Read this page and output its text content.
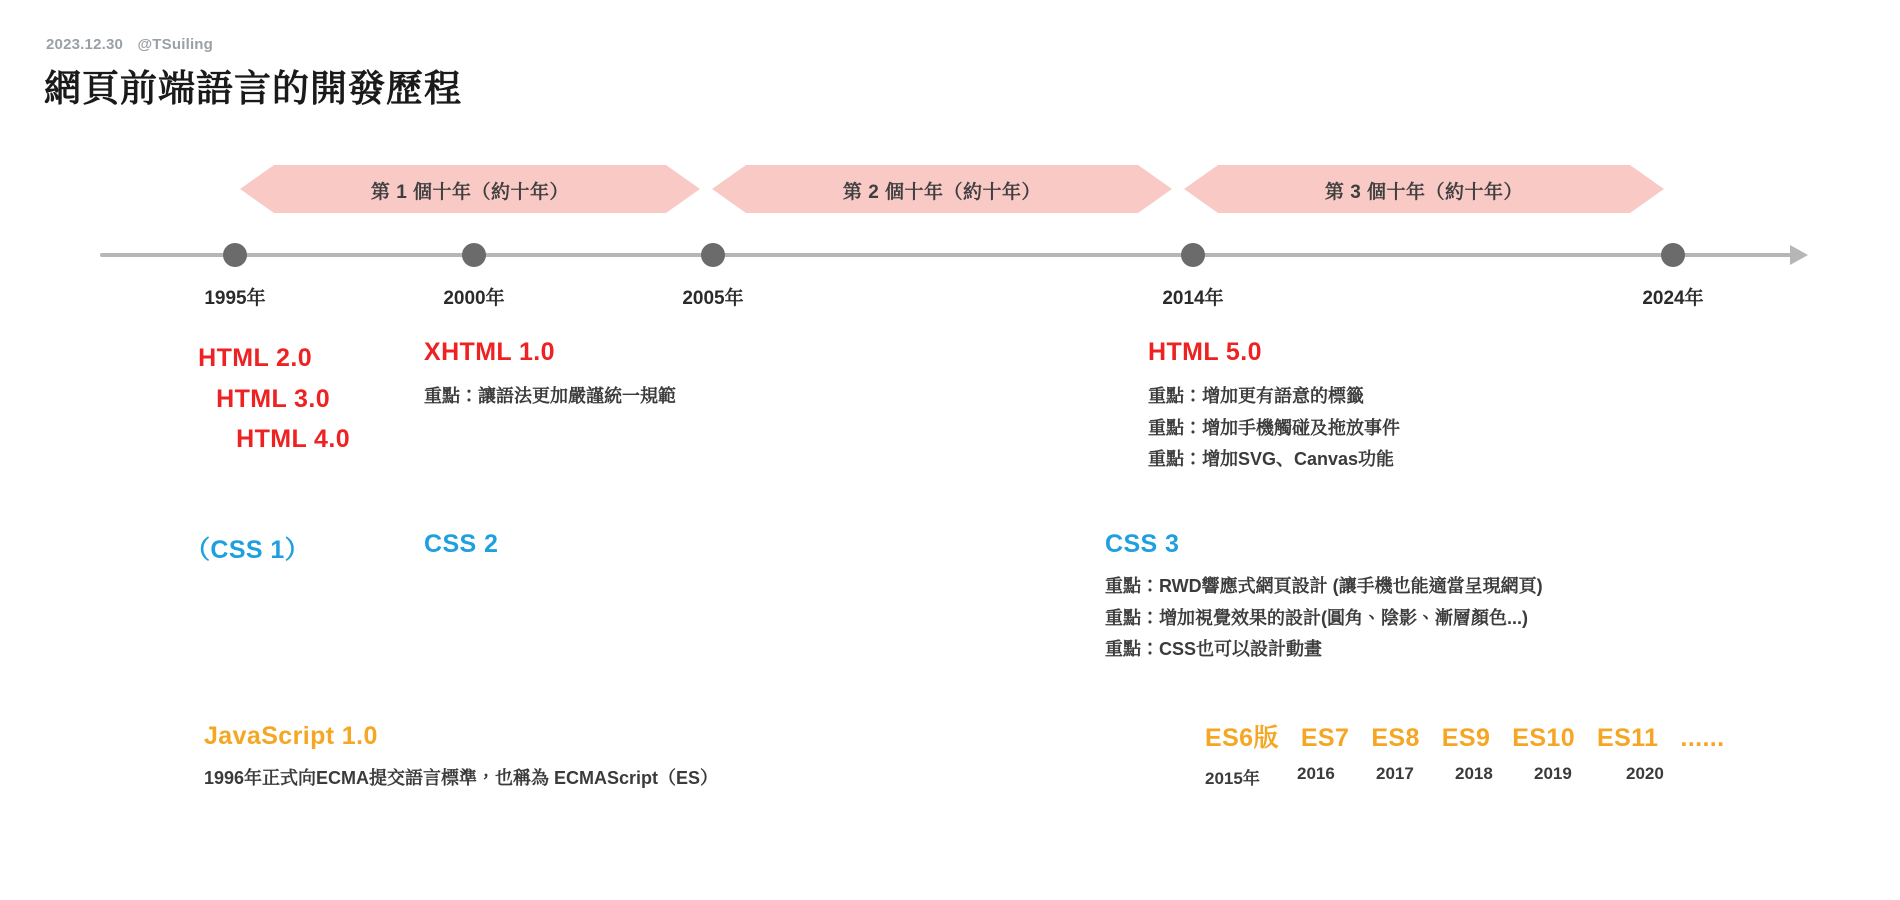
2023.12.30 @TSuiling
網頁前端語言的開發歷程
第 1 個十年（約十年）	第 2 個十年（約十年）	第 3 個十年（約十年）
1995年	2000年	2005年	2014年	2024年
HTML 2.0
HTML 3.0
HTML 4.0
XHTML 1.0
重點：讓語法更加嚴謹統一規範
HTML 5.0
重點：增加更有語意的標籤
重點：增加手機觸碰及拖放事件
重點：增加SVG、Canvas功能
（CSS 1）	CSS 2	CSS 3
重點：RWD響應式網頁設計 (讓手機也能適當呈現網頁)
重點：增加視覺效果的設計(圓角、陰影、漸層顏色...)
重點：CSS也可以設計動畫
JavaScript 1.0
1996年正式向ECMA提交語言標準，也稱為 ECMAScript（ES）
ES6版 ES7 ES8 ES9 ES10 ES11 ......
2015年	2016	2017	2018	2019	2020
